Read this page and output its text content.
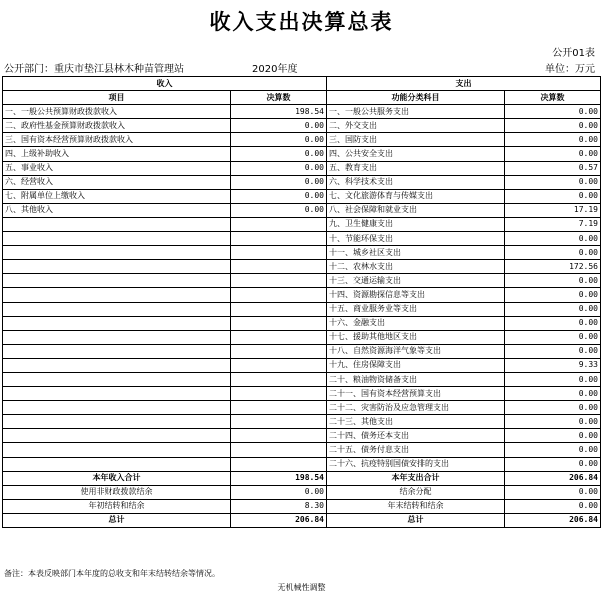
收入支出决算总表
公开01表
公开部门：重庆市垫江县林木种苗管理站	2020年度	单位：万元
收入		支出	
项目	决算数	功能分类科目	决算数
一、一般公共预算财政拨款收入	198.54	一、一般公共服务支出	0.00
二、政府性基金预算财政拨款收入	0.00	二、外交支出	0.00
三、国有资本经营预算财政拨款收入	0.00	三、国防支出	0.00
四、上级补助收入	0.00	四、公共安全支出	0.00
五、事业收入	0.00	五、教育支出	0.57
六、经营收入	0.00	六、科学技术支出	0.00
七、附属单位上缴收入	0.00	七、文化旅游体育与传媒支出	0.00
八、其他收入	0.00	八、社会保障和就业支出	17.19
		九、卫生健康支出	7.19
		十、节能环保支出	0.00
		十一、城乡社区支出	0.00
		十二、农林水支出	172.56
		十三、交通运输支出	0.00
		十四、资源勘探信息等支出	0.00
		十五、商业服务业等支出	0.00
		十六、金融支出	0.00
		十七、援助其他地区支出	0.00
		十八、自然资源海洋气象等支出	0.00
		十九、住房保障支出	9.33
		二十、粮油物资储备支出	0.00
		二十一、国有资本经营预算支出	0.00
		二十二、灾害防治及应急管理支出	0.00
		二十三、其他支出	0.00
		二十四、债务还本支出	0.00
		二十五、债务付息支出	0.00
		二十六、抗疫特别国债安排的支出	0.00
本年收入合计	198.54	本年支出合计	206.84
使用非财政拨款结余	0.00	结余分配	0.00
年初结转和结余	8.30	年末结转和结余	0.00
总计	206.84	总计	206.84
备注：本表反映部门本年度的总收支和年末结转结余等情况。
无机械性调整
